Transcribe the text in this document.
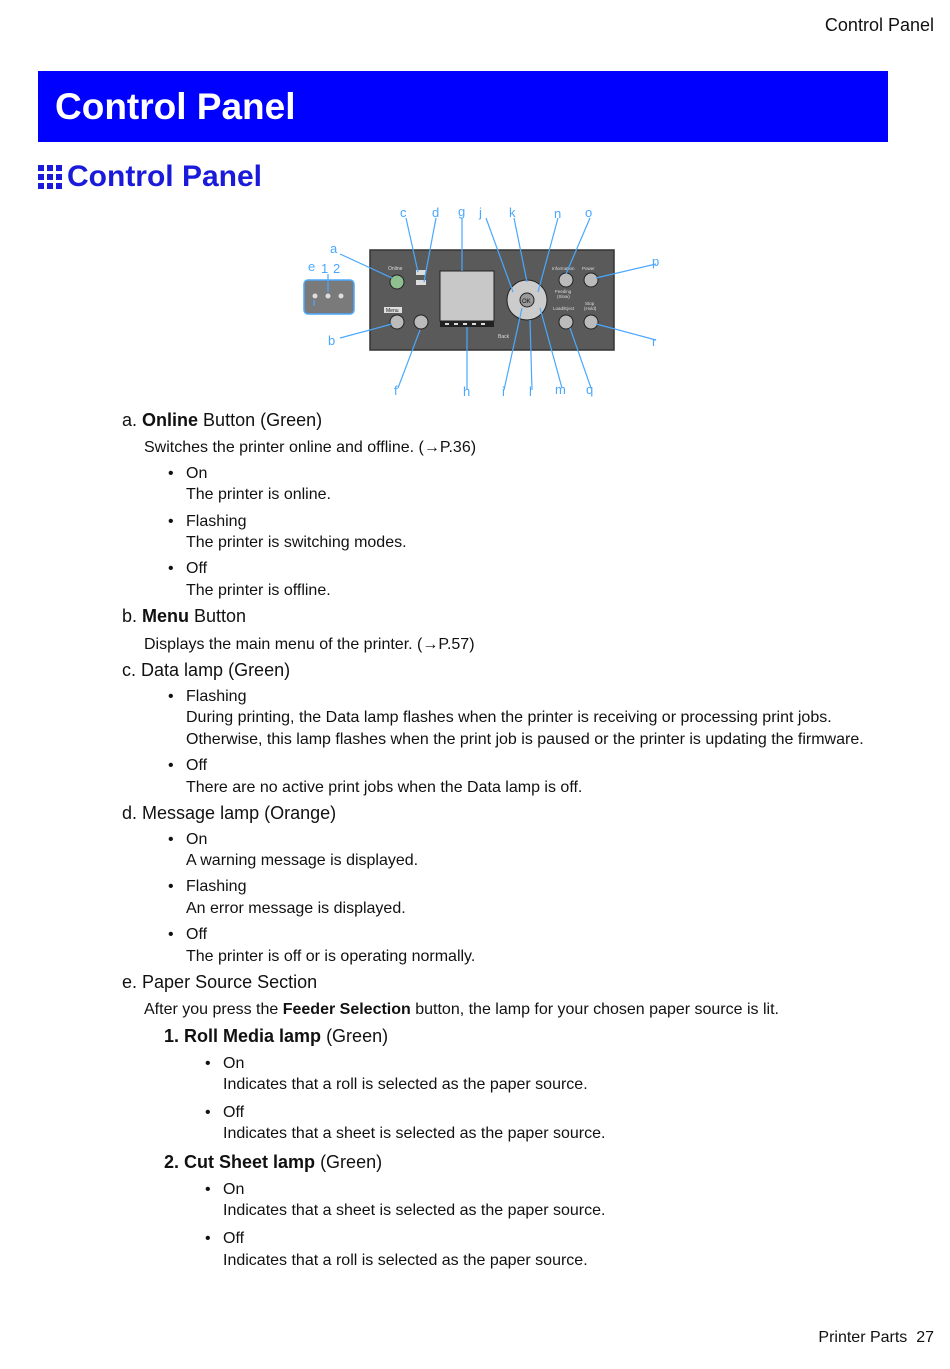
Control Panel
Control Panel
Control Panel
Menu
Online
OK
Back
Information Power
Feeding
(Slow)
Load/Eject
Stop
(Hold)
a
b
c d
e 1 2
f
g
h i
j k
l m
n o
p
q
r
a. Online Button (Green)
Switches the printer online and offline. (→P.36)
• On
The printer is online.
• Flashing
The printer is switching modes.
• Off
The printer is offline.
b. Menu Button
Displays the main menu of the printer. (→P.57)
c. Data lamp (Green)
• Flashing
During printing, the Data lamp flashes when the printer is receiving or processing print jobs.
Otherwise, this lamp flashes when the print job is paused or the printer is updating the firmware.
• Off
There are no active print jobs when the Data lamp is off.
d. Message lamp (Orange)
• On
A warning message is displayed.
• Flashing
An error message is displayed.
• Off
The printer is off or is operating normally.
e. Paper Source Section
After you press the Feeder Selection button, the lamp for your chosen paper source is lit.
1. Roll Media lamp (Green)
• On
Indicates that a roll is selected as the paper source.
• Off
Indicates that a sheet is selected as the paper source.
2. Cut Sheet lamp (Green)
• On
Indicates that a sheet is selected as the paper source.
• Off
Indicates that a roll is selected as the paper source.
Printer Parts 27
